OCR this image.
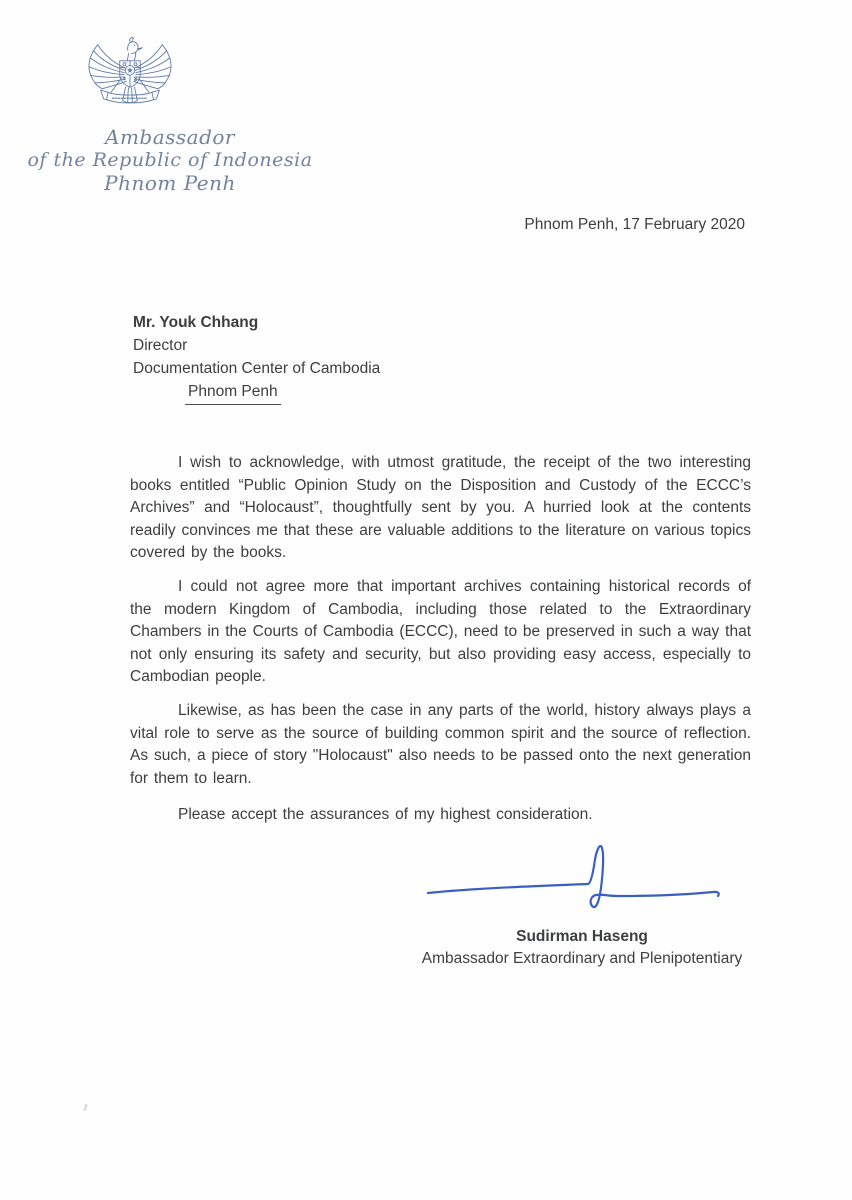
Ambassador
of the Republic of Indonesia
Phnom Penh
Phnom Penh, 17 February 2020
Mr. Youk Chhang
Director
Documentation Center of Cambodia
Phnom Penh

I wish to acknowledge, with utmost gratitude, the receipt of the two interesting books entitled “Public Opinion Study on the Disposition and Custody of the ECCC’s Archives” and “Holocaust”, thoughtfully sent by you. A hurried look at the contents readily convinces me that these are valuable additions to the literature on various topics covered by the books.

I could not agree more that important archives containing historical records of the modern Kingdom of Cambodia, including those related to the Extraordinary Chambers in the Courts of Cambodia (ECCC), need to be preserved in such a way that not only ensuring its safety and security, but also providing easy access, especially to Cambodian people.

Likewise, as has been the case in any parts of the world, history always plays a vital role to serve as the source of building common spirit and the source of reflection. As such, a piece of story "Holocaust" also needs to be passed onto the next generation for them to learn.

Please accept the assurances of my highest consideration.

Sudirman Haseng
Ambassador Extraordinary and Plenipotentiary
